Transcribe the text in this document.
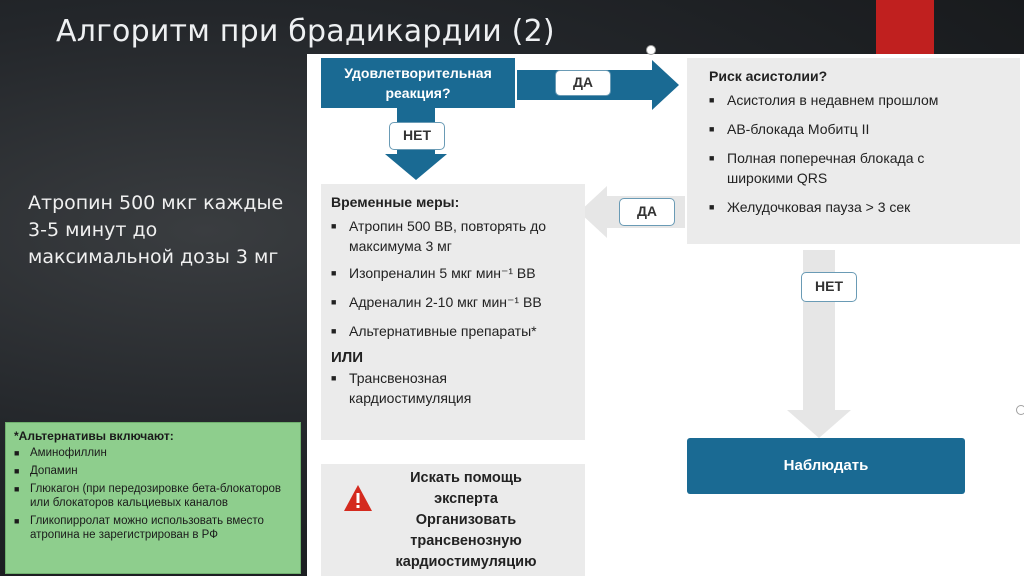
Алгоритм при брадикардии (2)
Атропин 500 мкг каждые 3-5 минут до максимальной дозы 3 мг
Удовлетворительная реакция?
ДА
НЕТ
Риск асистолии?
■ Асистолия в недавнем прошлом
■ АВ-блокада Мобитц II
■ Полная поперечная блокада с широкими QRS
■ Желудочковая пауза > 3 сек
ДА
Временные меры:
■ Атропин 500 ВВ, повторять до максимума 3 мг
■ Изопреналин 5 мкг мин⁻¹ ВВ
■ Адреналин 2-10 мкг мин⁻¹ ВВ
■ Альтернативные препараты*
ИЛИ
■ Трансвенозная кардиостимуляция
НЕТ
Наблюдать
Искать помощь
эксперта
Организовать
трансвенозную
кардиостимуляцию
*Альтернативы включают:
■ Аминофиллин
■ Допамин
■ Глюкагон (при передозировке бета-блокаторов или блокаторов кальциевых каналов
■ Гликопирролат можно использовать вместо атропина не зарегистрирован в РФ
